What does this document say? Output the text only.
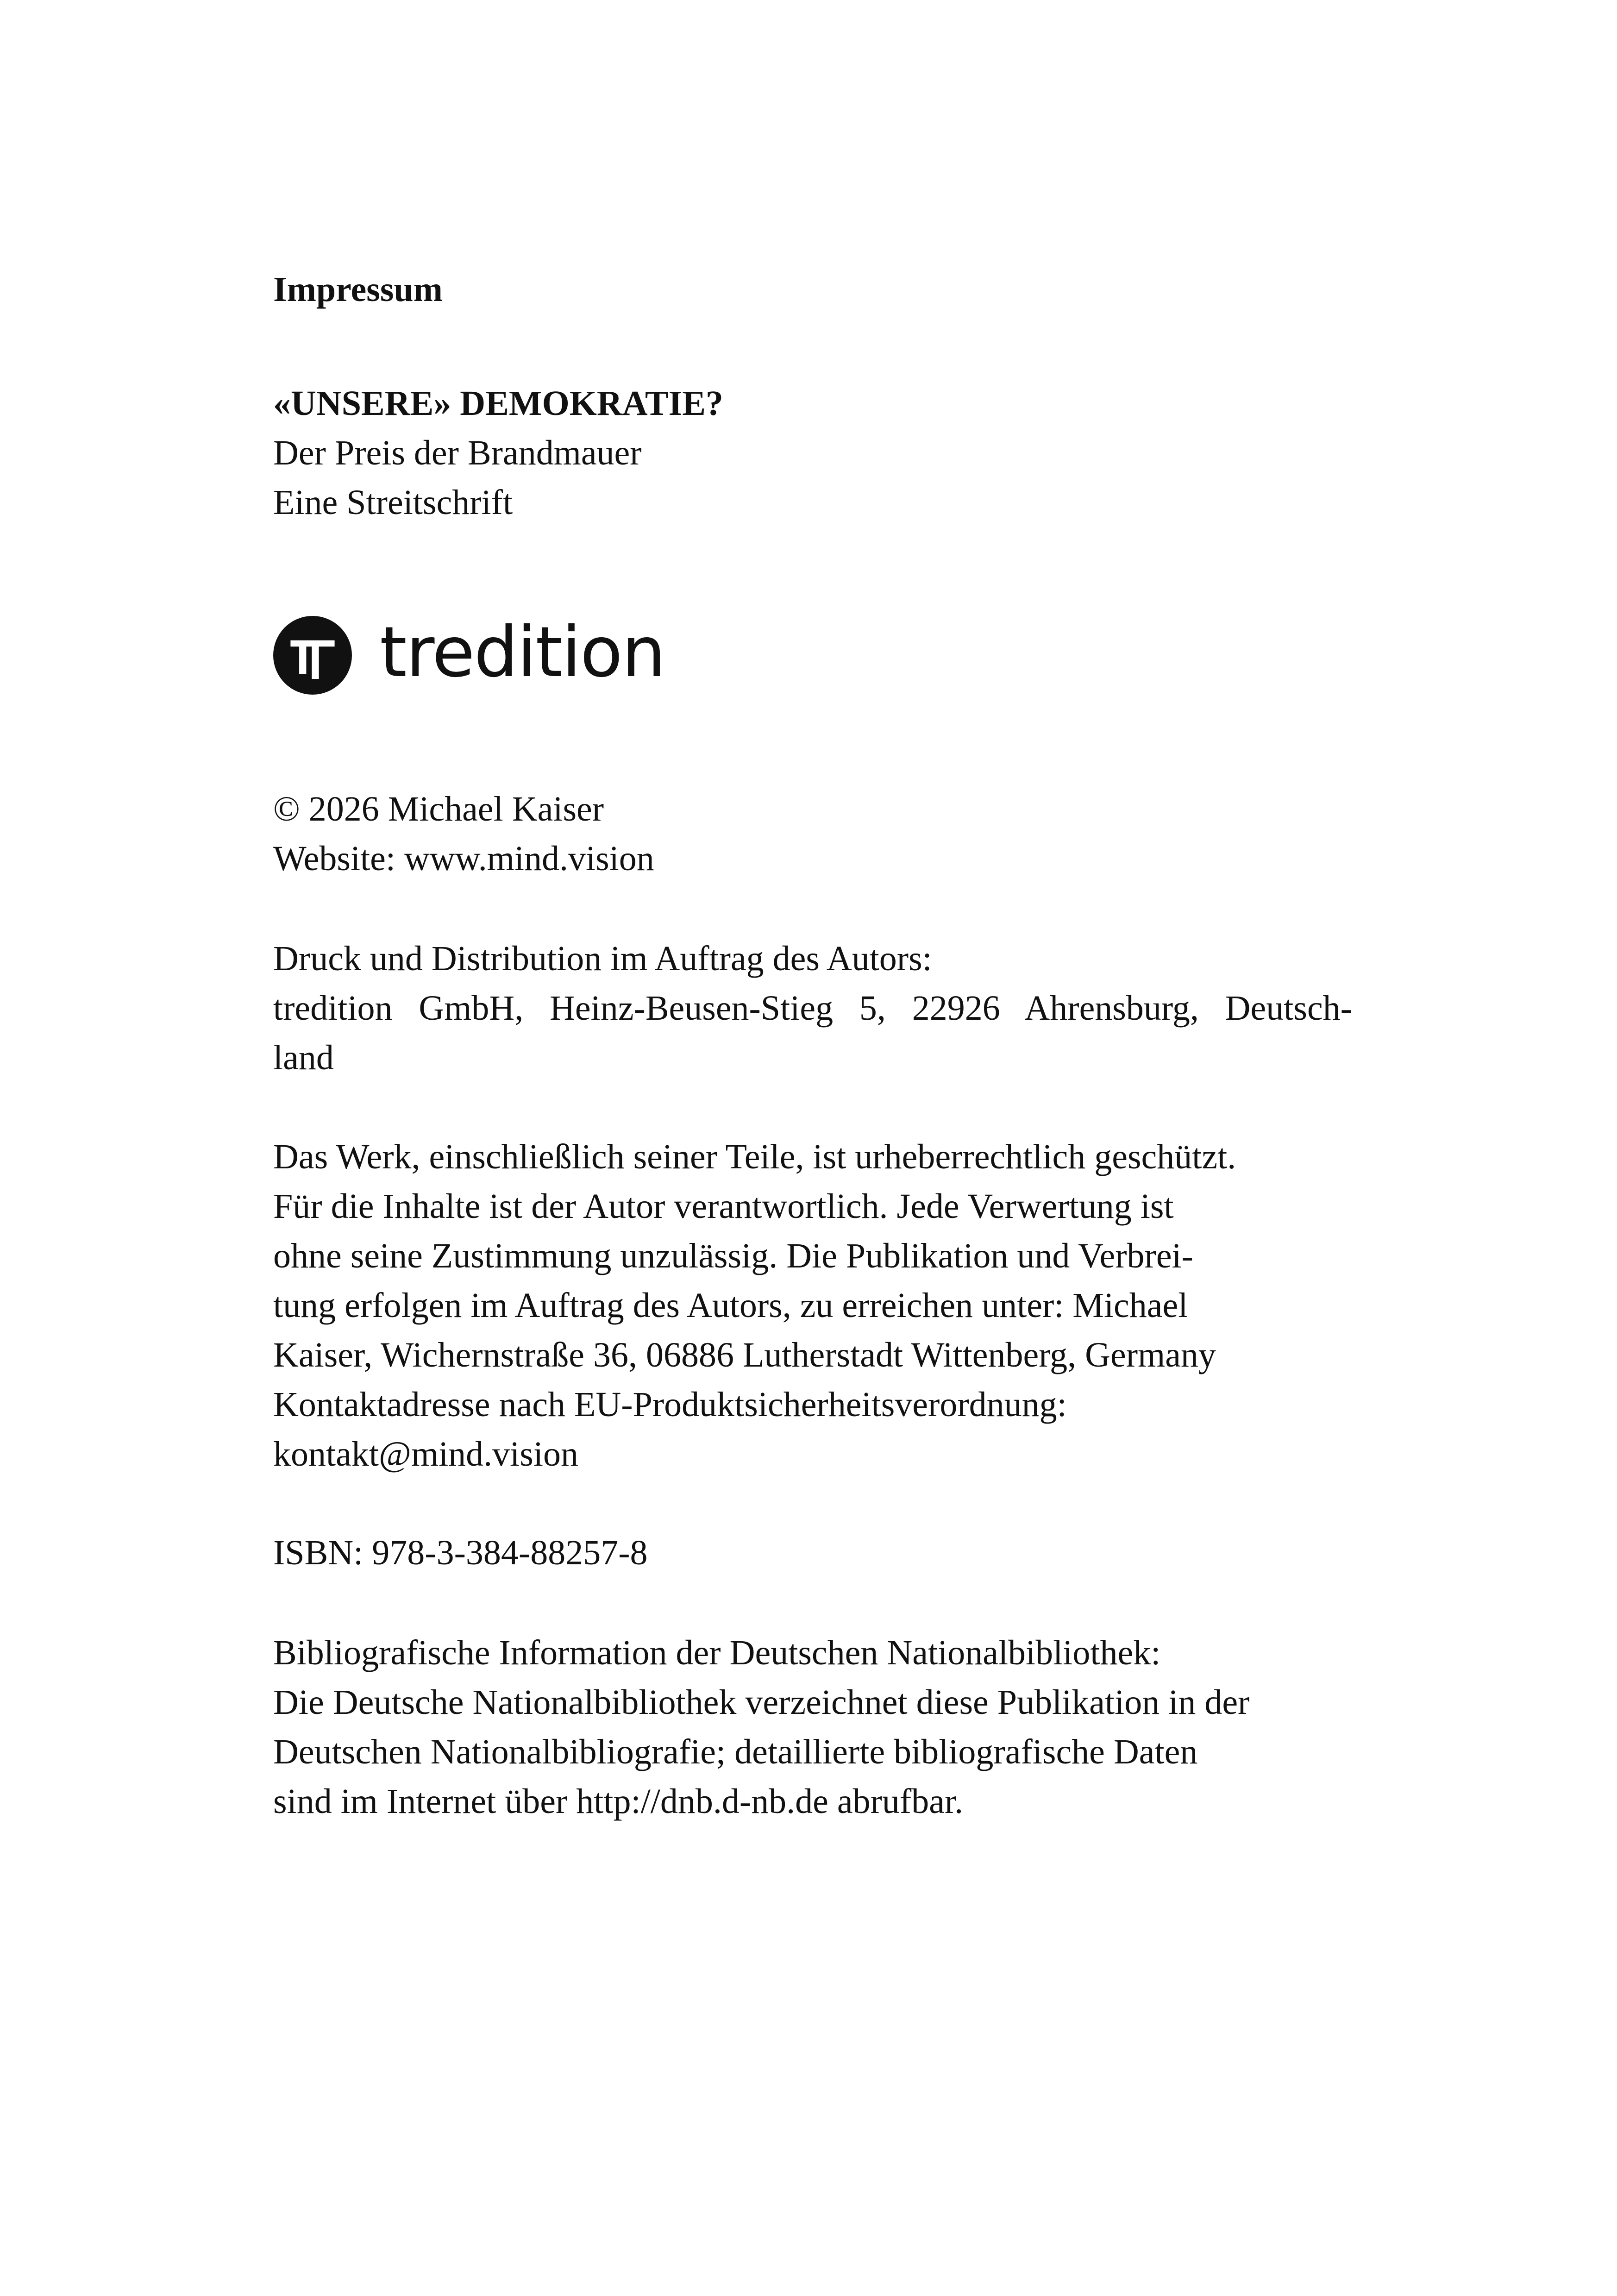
Impressum

«UNSERE» DEMOKRATIE?

Der Preis der Brandmauer

Eine Streitschrift

tredition

© 2026 Michael Kaiser

Website: www.mind.vision

Druck und Distribution im Auftrag des Autors:

tredition GmbH, Heinz-Beusen-Stieg 5, 22926 Ahrensburg, Deutsch-

land

Das Werk, einschließlich seiner Teile, ist urheberrechtlich geschützt.

Für die Inhalte ist der Autor verantwortlich. Jede Verwertung ist

ohne seine Zustimmung unzulässig. Die Publikation und Verbrei-

tung erfolgen im Auftrag des Autors, zu erreichen unter: Michael

Kaiser, Wichernstraße 36, 06886 Lutherstadt Wittenberg, Germany

Kontaktadresse nach EU-Produktsicherheitsverordnung:

kontakt@mind.vision

ISBN: 978-3-384-88257-8

Bibliografische Information der Deutschen Nationalbibliothek:

Die Deutsche Nationalbibliothek verzeichnet diese Publikation in der

Deutschen Nationalbibliografie; detaillierte bibliografische Daten

sind im Internet über http://dnb.d-nb.de abrufbar.
